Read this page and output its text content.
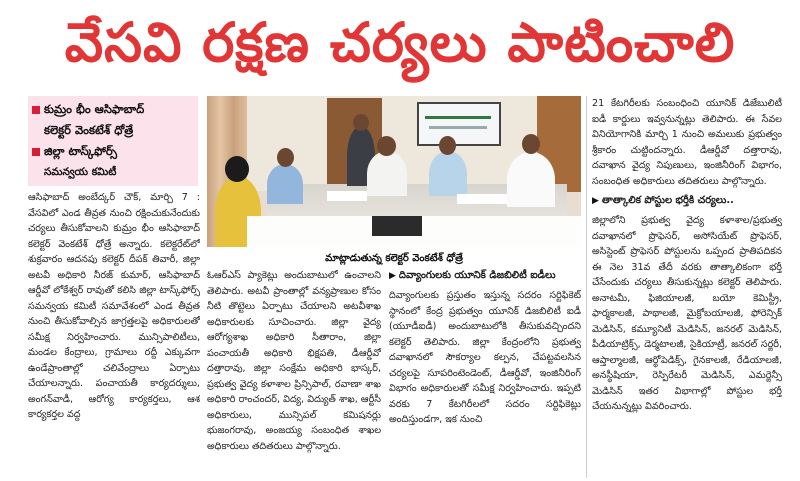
వేసవి రక్షణ చర్యలు పాటించాలి
కుమ్రం భీం ఆసిఫాబాద్
కలెక్టర్ వెంకటేశ్ ధోత్రే
జిల్లా టాస్క్‌ఫోర్స్
సమన్వయ కమిటీ
మాట్లాడుతున్న కలెక్టర్ వెంకటేశ్ ధోత్రే

ఆసిఫాబాద్ అంబేద్కర్ చౌక్, మార్చి 7 : వేసవిలో ఎండ తీవ్రత నుంచి రక్షించుకునేందుకు చర్యలు తీసుకోవాలని కుమ్రం భీం ఆసిఫాబాద్ కలెక్టర్ వెంకటేశ్ ధోత్రే అన్నారు. కలెక్టరేట్‌లో శుక్రవారం ఆదనపు కలెక్టర్ దీపక్ తివారీ, జిల్లా అటవీ అధికారి నీరజ్ కుమార్, ఆసిఫాబాద్ ఆర్డీవో లోకేశ్వర్ రావుతో కలిసి జిల్లా టాస్క్‌ఫోర్స్ సమన్వయ కమిటీ సమావేశంలో ఎండ తీవ్రత నుంచి తీసుకోవాల్సిన జాగ్రత్తలపై అధికారులతో సమీక్ష నిర్వహించారు. మున్సిపాలిటీలు, మండల కేంద్రాలు, గ్రామాలు రద్దీ ఎక్కువగా ఉండేప్రాంతాల్లో చలివేంద్రాలు ఏర్పాటు చేయాలన్నారు. పంచాయతీ కార్యదర్శులు, అంగన్‌వాడీ, ఆరోగ్య కార్యకర్తలు, ఆశ కార్యకర్తల వద్ద

ఓఆర్ఎస్ ప్యాకెట్లు అందుబాటులో ఉంచాలని తెలిపారు. అటవీ ప్రాంతాల్లో వన్యప్రాణుల కోసం నీటి తొట్టెలు ఏర్పాటు చేయాలని అటవీశాఖ అధికారులకు సూచించారు. జిల్లా వైద్య ఆరోగ్యశాఖ అధికారి సీతారాం, జిల్లా పంచాయతీ అధికారి భిక్షపతి, డీఆర్డీవో దత్తారావు, జిల్లా సంక్షేమ అధికారి భాస్కర్, ప్రభుత్వ వైద్య కళాశాల ప్రిన్సిపాల్, రవాణా శాఖ అధికారి రాంచందర్, విద్య, విద్యుత్ శాఖ, ఆర్టీసీ అధికారులు, మున్సిపల్ కమిషనర్లు భుజంగరావు, అంజయ్య సంబంధిత శాఖల అధికారులు తదితరులు పాల్గొన్నారు.

▶ దివ్యాంగులకు యూనిక్ డిజబిలిటీ ఐడీలు

దివ్యాంగులకు ప్రస్తుతం ఇస్తున్న సదరం సర్టిఫికెట్ స్థానంలో కేంద్ర ప్రభుత్వం యూనిక్ డిజబిలిటీ ఐడీ (యూడీఐడీ) అందుబాటులోకి తీసుకువచ్చిందని కలెక్టర్ తెలిపారు. జిల్లా కేంద్రంలోని ప్రభుత్వ దవాఖానలో సౌకర్యాల కల్పన, చేపట్టవలసిన చర్యలపై సూపరింటెండెంట్, డీఆర్డీవో, ఇంజినీరింగ్ విభాగం అధికారులతో సమీక్ష నిర్వహించారు. ఇప్పటి వరకు 7 కేటగిరీలలో సదరం సర్టిఫికెట్లు అందిస్తుండగా, ఇక నుంచి

21 కేటగిరీలకు సంబంధించి యూనిక్ డిజేబులిటీ ఐడీ కార్డులు ఇవ్వనున్నట్లు తెలిపారు. ఈ సేవల వినియోగానికి మార్చి 1 నుంచి అమలుకు ప్రభుత్వం శ్రీకారం చుట్టిందన్నారు. డీఆర్డీవో దత్తారావు, దవాఖాన వైద్య నిపుణులు, ఇంజినీరింగ్ విభాగం, సంబంధిత అధికారులు తదితరులు పాల్గొన్నారు.

▶ తాత్కాలిక పోస్టుల భర్తీకి చర్యలు..

జిల్లాలోని ప్రభుత్వ వైద్య కళాశాల/ప్రభుత్వ దవాఖానలో ప్రొఫెసర్, అసోసియేట్ ప్రొఫెసర్, అసిస్టెంట్ ప్రొఫెసర్ పోస్టులను ఒప్పంద ప్రాతిపదికన ఈ నెల 31వ తేదీ వరకు తాత్కాలికంగా భర్తీ చేసేందుకు చర్యలు తీసుకున్నట్లు కలెక్టర్ తెలిపారు. అనాటమీ, ఫిజియాలజీ, బయో కెమిస్ట్రీ, ఫార్మకాలజీ, పాథాలజీ, మైక్రోబయాలజీ, ఫోరెన్సిక్ మెడిసిన్, కమ్యూనిటీ మెడిసిన్, జనరల్ మెడిసిన్, పీడియాట్రిక్స్, డెర్మటాలజీ, సైకియాట్రీ, జనరల్ సర్జరీ, ఆప్తాల్మాలజీ, ఆర్థోపెడిక్స్, గైనకాలజీ, రేడియాలజీ, అనస్థీషియా, రెస్పిరేటరీ మెడిసిన్, ఎమర్జెన్సీ మెడిసిన్ ఇతర విభాగాల్లో పోస్టుల భర్తీ చేయనున్నట్లు వివరించారు.
